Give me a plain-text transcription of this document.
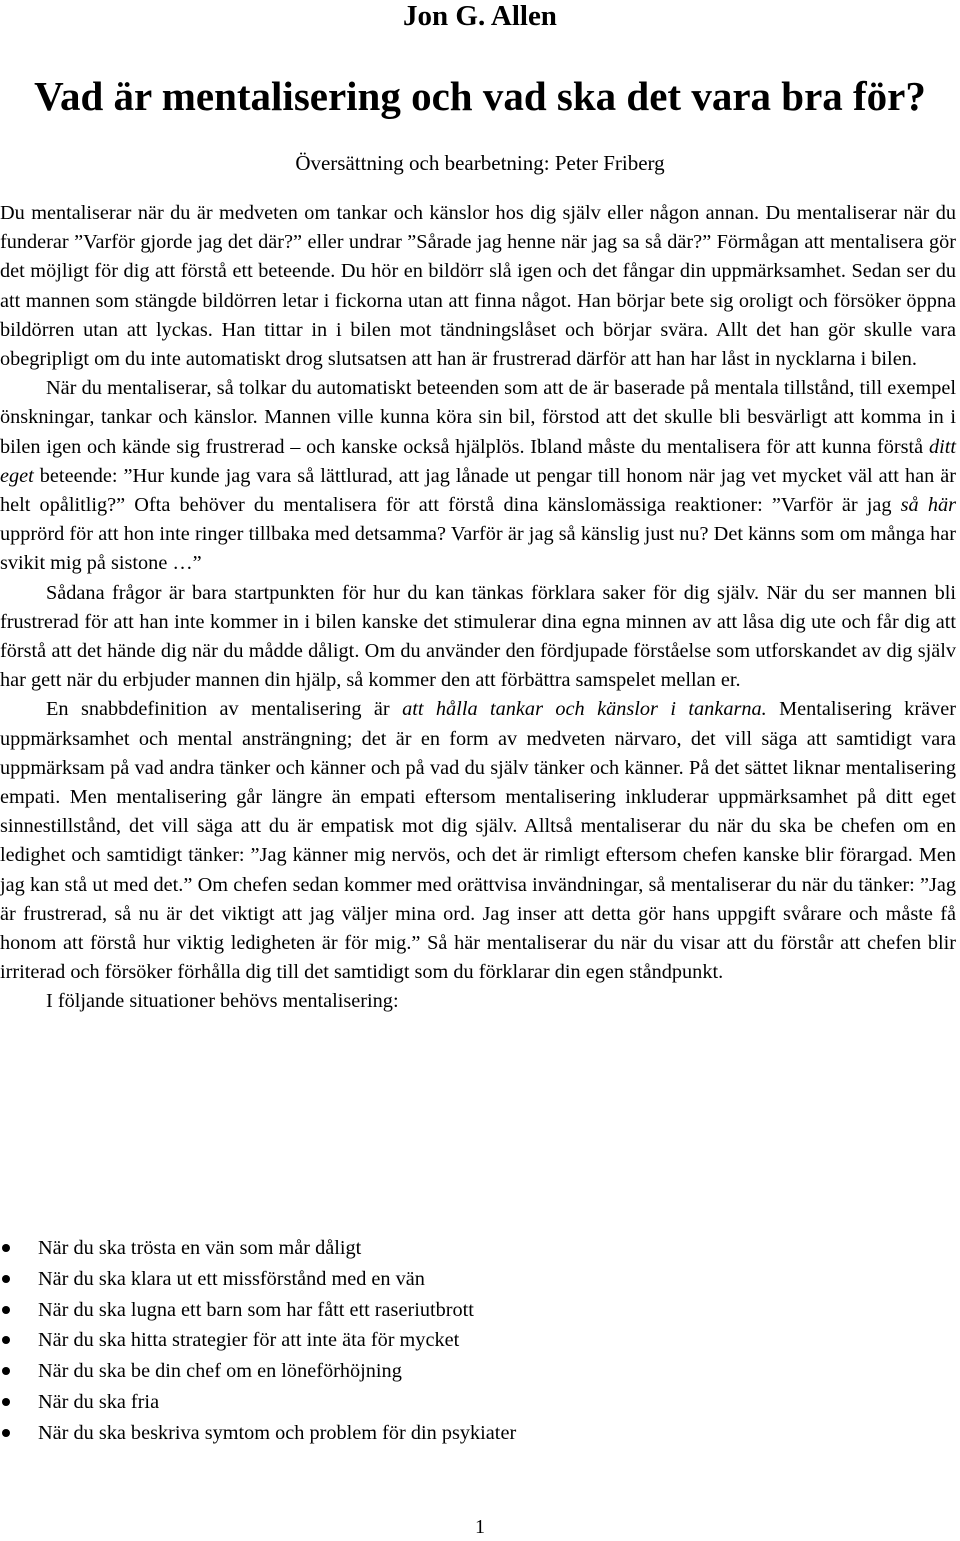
Jon G. Allen
Vad är mentalisering och vad ska det vara bra för?
Översättning och bearbetning: Peter Friberg

Du mentaliserar när du är medveten om tankar och känslor hos dig själv eller någon annan. Du mentaliserar när du funderar ”Varför gjorde jag det där?” eller undrar ”Sårade jag henne när jag sa så där?” Förmågan att mentalisera gör det möjligt för dig att förstå ett beteende. Du hör en bildörr slå igen och det fångar din uppmärksamhet. Sedan ser du att mannen som stängde bildörren letar i fickorna utan att finna något. Han börjar bete sig oroligt och försöker öppna bildörren utan att lyckas. Han tittar in i bilen mot tändningslåset och börjar svära. Allt det han gör skulle vara obegripligt om du inte automatiskt drog slutsatsen att han är frustrerad därför att han har låst in nycklarna i bilen.

När du mentaliserar, så tolkar du automatiskt beteenden som att de är baserade på mentala tillstånd, till exempel önskningar, tankar och känslor. Mannen ville kunna köra sin bil, förstod att det skulle bli besvärligt att komma in i bilen igen och kände sig frustrerad – och kanske också hjälplös. Ibland måste du mentalisera för att kunna förstå ditt eget beteende: ”Hur kunde jag vara så lättlurad, att jag lånade ut pengar till honom när jag vet mycket väl att han är helt opålitlig?” Ofta behöver du mentalisera för att förstå dina känslomässiga reaktioner: ”Varför är jag så här upprörd för att hon inte ringer tillbaka med detsamma? Varför är jag så känslig just nu? Det känns som om många har svikit mig på sistone …”

Sådana frågor är bara startpunkten för hur du kan tänkas förklara saker för dig själv. När du ser mannen bli frustrerad för att han inte kommer in i bilen kanske det stimulerar dina egna minnen av att låsa dig ute och får dig att förstå att det hände dig när du mådde dåligt. Om du använder den fördjupade förståelse som utforskandet av dig själv har gett när du erbjuder mannen din hjälp, så kommer den att förbättra samspelet mellan er.

En snabbdefinition av mentalisering är att hålla tankar och känslor i tankarna. Mentalisering kräver uppmärksamhet och mental ansträngning; det är en form av medveten närvaro, det vill säga att samtidigt vara uppmärksam på vad andra tänker och känner och på vad du själv tänker och känner. På det sättet liknar mentalisering empati. Men mentalisering går längre än empati eftersom mentalisering inkluderar uppmärksamhet på ditt eget sinnestillstånd, det vill säga att du är empatisk mot dig själv. Alltså mentaliserar du när du ska be chefen om en ledighet och samtidigt tänker: ”Jag känner mig nervös, och det är rimligt eftersom chefen kanske blir förargad. Men jag kan stå ut med det.” Om chefen sedan kommer med orättvisa invändningar, så mentaliserar du när du tänker: ”Jag är frustrerad, så nu är det viktigt att jag väljer mina ord. Jag inser att detta gör hans uppgift svårare och måste få honom att förstå hur viktig ledigheten är för mig.” Så här mentaliserar du när du visar att du förstår att chefen blir irriterad och försöker förhålla dig till det samtidigt som du förklarar din egen ståndpunkt.

I följande situationer behövs mentalisering:

När du ska trösta en vän som mår dåligt
När du ska klara ut ett missförstånd med en vän
När du ska lugna ett barn som har fått ett raseriutbrott
När du ska hitta strategier för att inte äta för mycket
När du ska be din chef om en löneförhöjning
När du ska fria
När du ska beskriva symtom och problem för din psykiater
1
